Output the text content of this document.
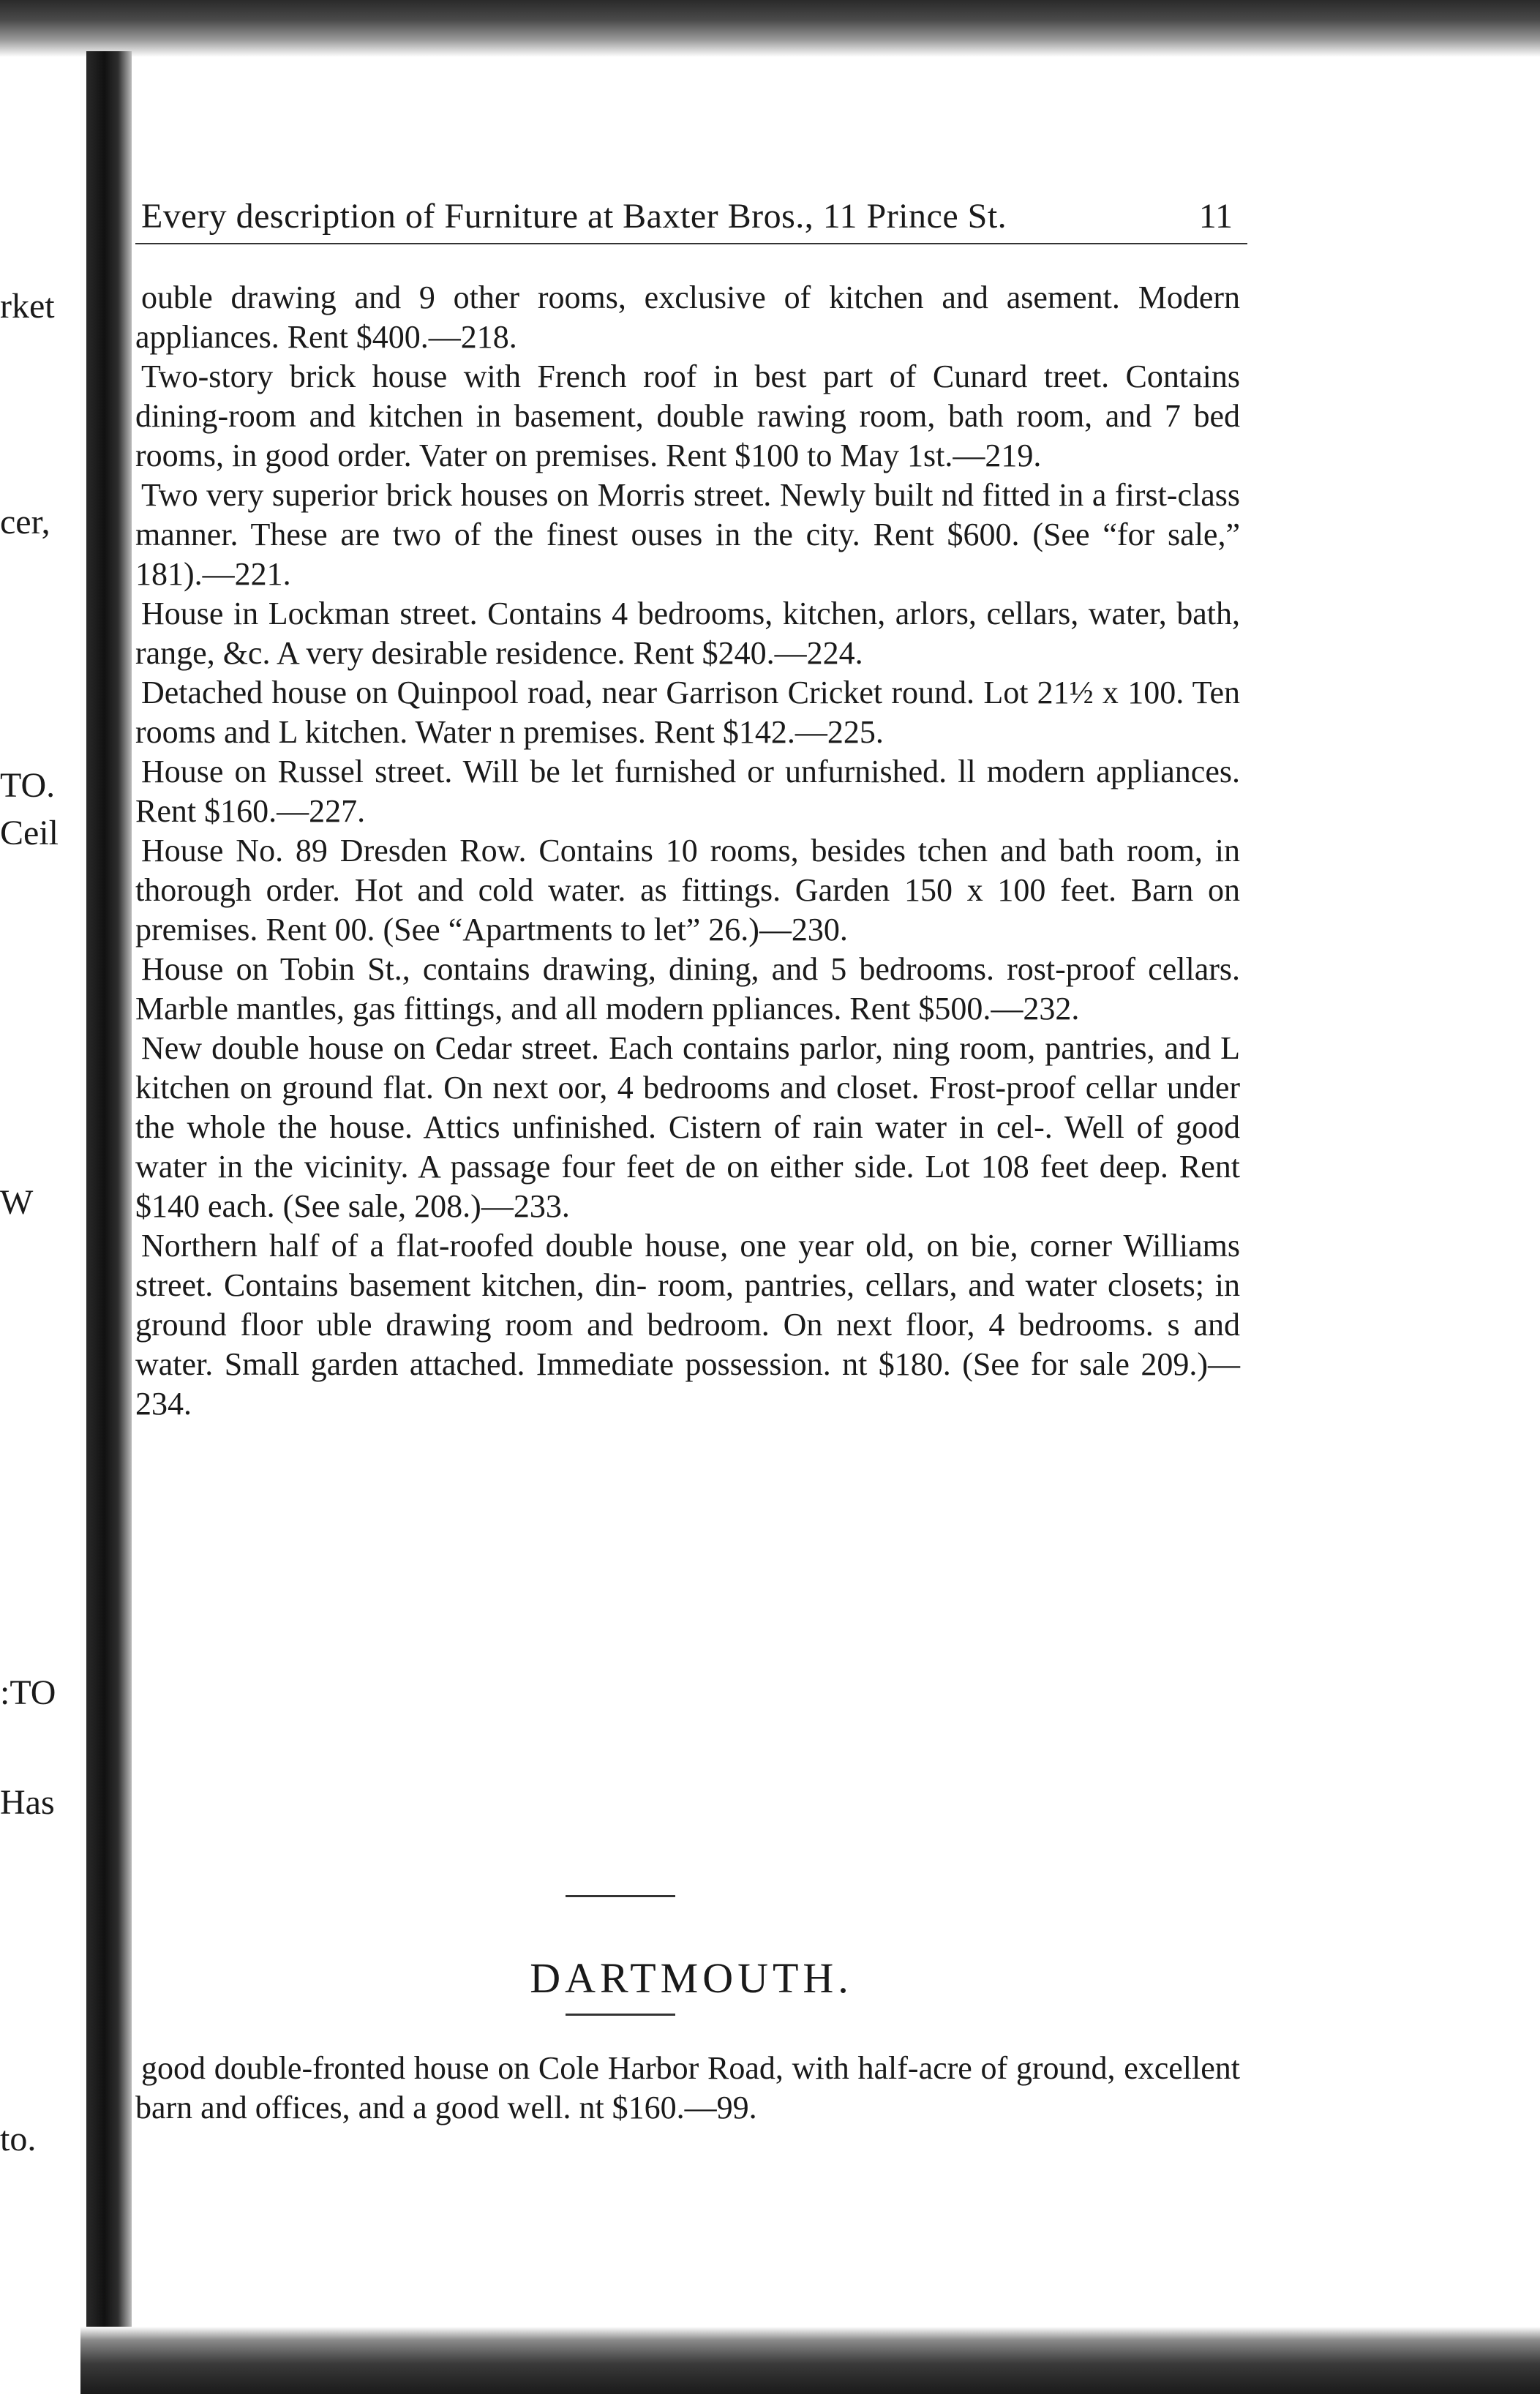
rket
cer,
TO.
Ceil
W
:TO
Has
to.
Every description of Furniture at Baxter Bros., 11 Prince St.	11

ouble drawing and 9 other rooms, exclusive of kitchen and asement. Modern appliances. Rent $400.—218.

Two-story brick house with French roof in best part of Cunard treet. Contains dining-room and kitchen in basement, double rawing room, bath room, and 7 bed rooms, in good order. Vater on premises. Rent $100 to May 1st.—219.

Two very superior brick houses on Morris street. Newly built nd fitted in a first-class manner. These are two of the finest ouses in the city. Rent $600. (See “for sale,” 181).—221.

House in Lockman street. Contains 4 bedrooms, kitchen, arlors, cellars, water, bath, range, &c. A very desirable residence. Rent $240.—224.

Detached house on Quinpool road, near Garrison Cricket round. Lot 21½ x 100. Ten rooms and L kitchen. Water n premises. Rent $142.—225.

House on Russel street. Will be let furnished or unfurnished. ll modern appliances. Rent $160.—227.

House No. 89 Dresden Row. Contains 10 rooms, besides tchen and bath room, in thorough order. Hot and cold water. as fittings. Garden 150 x 100 feet. Barn on premises. Rent 00. (See “Apartments to let” 26.)—230.

House on Tobin St., contains drawing, dining, and 5 bedrooms. rost-proof cellars. Marble mantles, gas fittings, and all modern ppliances. Rent $500.—232.

New double house on Cedar street. Each contains parlor, ning room, pantries, and L kitchen on ground flat. On next oor, 4 bedrooms and closet. Frost-proof cellar under the whole the house. Attics unfinished. Cistern of rain water in cel-. Well of good water in the vicinity. A passage four feet de on either side. Lot 108 feet deep. Rent $140 each. (See sale, 208.)—233.

Northern half of a flat-roofed double house, one year old, on bie, corner Williams street. Contains basement kitchen, din- room, pantries, cellars, and water closets; in ground floor uble drawing room and bedroom. On next floor, 4 bedrooms. s and water. Small garden attached. Immediate possession. nt $180. (See for sale 209.)—234.

DARTMOUTH.

good double-fronted house on Cole Harbor Road, with half-acre of ground, excellent barn and offices, and a good well. nt $160.—99.
